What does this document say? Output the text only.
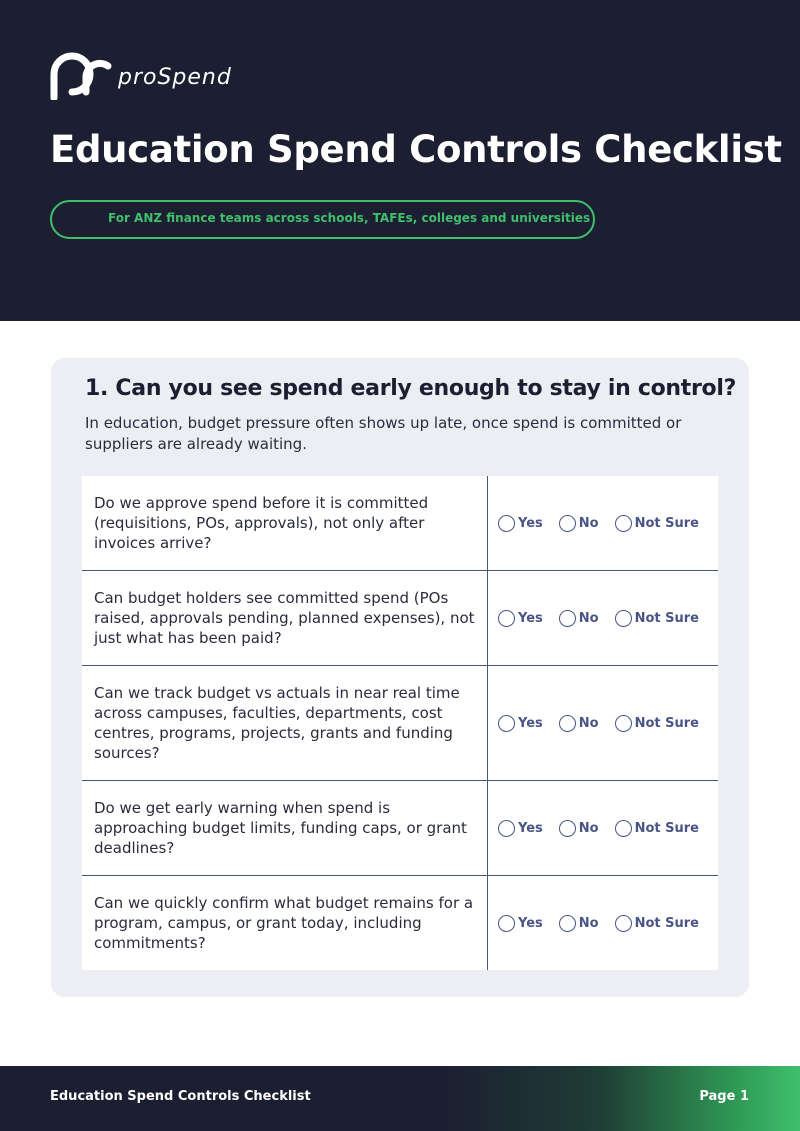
proSpend
Education Spend Controls Checklist
For ANZ finance teams across schools, TAFEs, colleges and universities
1. Can you see spend early enough to stay in control?

In education, budget pressure often shows up late, once spend is committed or suppliers are already waiting.

Do we approve spend before it is committed (requisitions, POs, approvals), not only after invoices arrive?
Yes	No	Not Sure
Can budget holders see committed spend (POs raised, approvals pending, planned expenses), not just what has been paid?
Yes	No	Not Sure
Can we track budget vs actuals in near real time across campuses, faculties, departments, cost centres, programs, projects, grants and funding sources?
Yes	No	Not Sure
Do we get early warning when spend is approaching budget limits, funding caps, or grant deadlines?
Yes	No	Not Sure
Can we quickly confirm what budget remains for a program, campus, or grant today, including commitments?
Yes	No	Not Sure
Education Spend Controls Checklist	Page 1
